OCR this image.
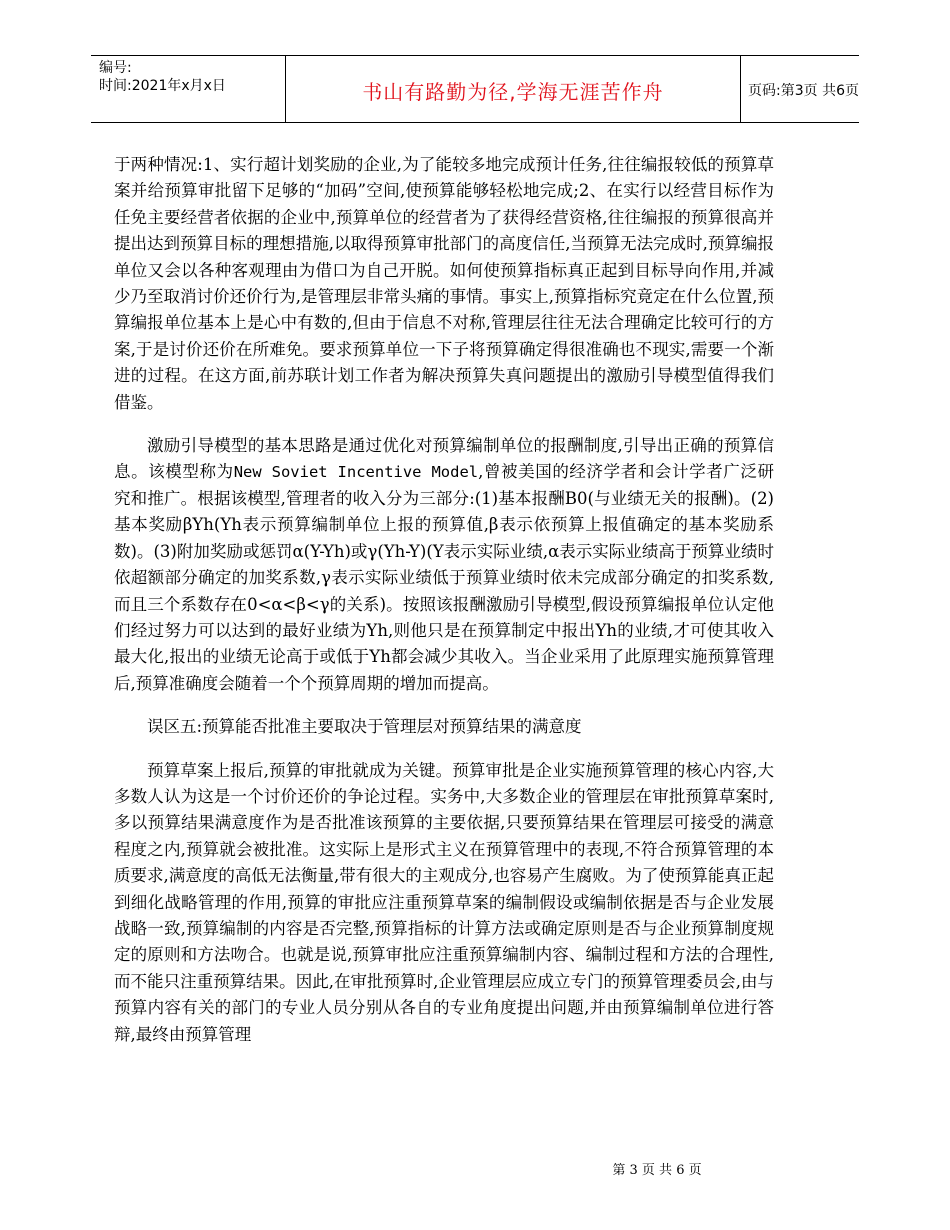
编号:
时间:2021年x月x日	书山有路勤为径,学海无涯苦作舟	页码:第3页 共6页

于两种情况:1、实行超计划奖励的企业,为了能较多地完成预计任务,往往编报较低的预算草案并给预算审批留下足够的“加码”空间,使预算能够轻松地完成;2、在实行以经营目标作为任免主要经营者依据的企业中,预算单位的经营者为了获得经营资格,往往编报的预算很高并提出达到预算目标的理想措施,以取得预算审批部门的高度信任,当预算无法完成时,预算编报单位又会以各种客观理由为借口为自己开脱。如何使预算指标真正起到目标导向作用,并减少乃至取消讨价还价行为,是管理层非常头痛的事情。事实上,预算指标究竟定在什么位置,预算编报单位基本上是心中有数的,但由于信息不对称,管理层往往无法合理确定比较可行的方案,于是讨价还价在所难免。要求预算单位一下子将预算确定得很准确也不现实,需要一个渐进的过程。在这方面,前苏联计划工作者为解决预算失真问题提出的激励引导模型值得我们借鉴。

激励引导模型的基本思路是通过优化对预算编制单位的报酬制度,引导出正确的预算信息。该模型称为New Soviet Incentive Model,曾被美国的经济学者和会计学者广泛研究和推广。根据该模型,管理者的收入分为三部分:(1)基本报酬B0(与业绩无关的报酬)。(2)基本奖励βYh(Yh表示预算编制单位上报的预算值,β表示依预算上报值确定的基本奖励系数)。(3)附加奖励或惩罚α(Y-Yh)或γ(Yh-Y)(Y表示实际业绩,α表示实际业绩高于预算业绩时依超额部分确定的加奖系数,γ表示实际业绩低于预算业绩时依未完成部分确定的扣奖系数,而且三个系数存在0<α<β<γ的关系)。按照该报酬激励引导模型,假设预算编报单位认定他们经过努力可以达到的最好业绩为Yh,则他只是在预算制定中报出Yh的业绩,才可使其收入最大化,报出的业绩无论高于或低于Yh都会减少其收入。当企业采用了此原理实施预算管理后,预算准确度会随着一个个预算周期的增加而提高。

误区五:预算能否批准主要取决于管理层对预算结果的满意度

预算草案上报后,预算的审批就成为关键。预算审批是企业实施预算管理的核心内容,大多数人认为这是一个讨价还价的争论过程。实务中,大多数企业的管理层在审批预算草案时,多以预算结果满意度作为是否批准该预算的主要依据,只要预算结果在管理层可接受的满意程度之内,预算就会被批准。这实际上是形式主义在预算管理中的表现,不符合预算管理的本质要求,满意度的高低无法衡量,带有很大的主观成分,也容易产生腐败。为了使预算能真正起到细化战略管理的作用,预算的审批应注重预算草案的编制假设或编制依据是否与企业发展战略一致,预算编制的内容是否完整,预算指标的计算方法或确定原则是否与企业预算制度规定的原则和方法吻合。也就是说,预算审批应注重预算编制内容、编制过程和方法的合理性,而不能只注重预算结果。因此,在审批预算时,企业管理层应成立专门的预算管理委员会,由与预算内容有关的部门的专业人员分别从各自的专业角度提出问题,并由预算编制单位进行答辩,最终由预算管理

第 3 页 共 6 页
